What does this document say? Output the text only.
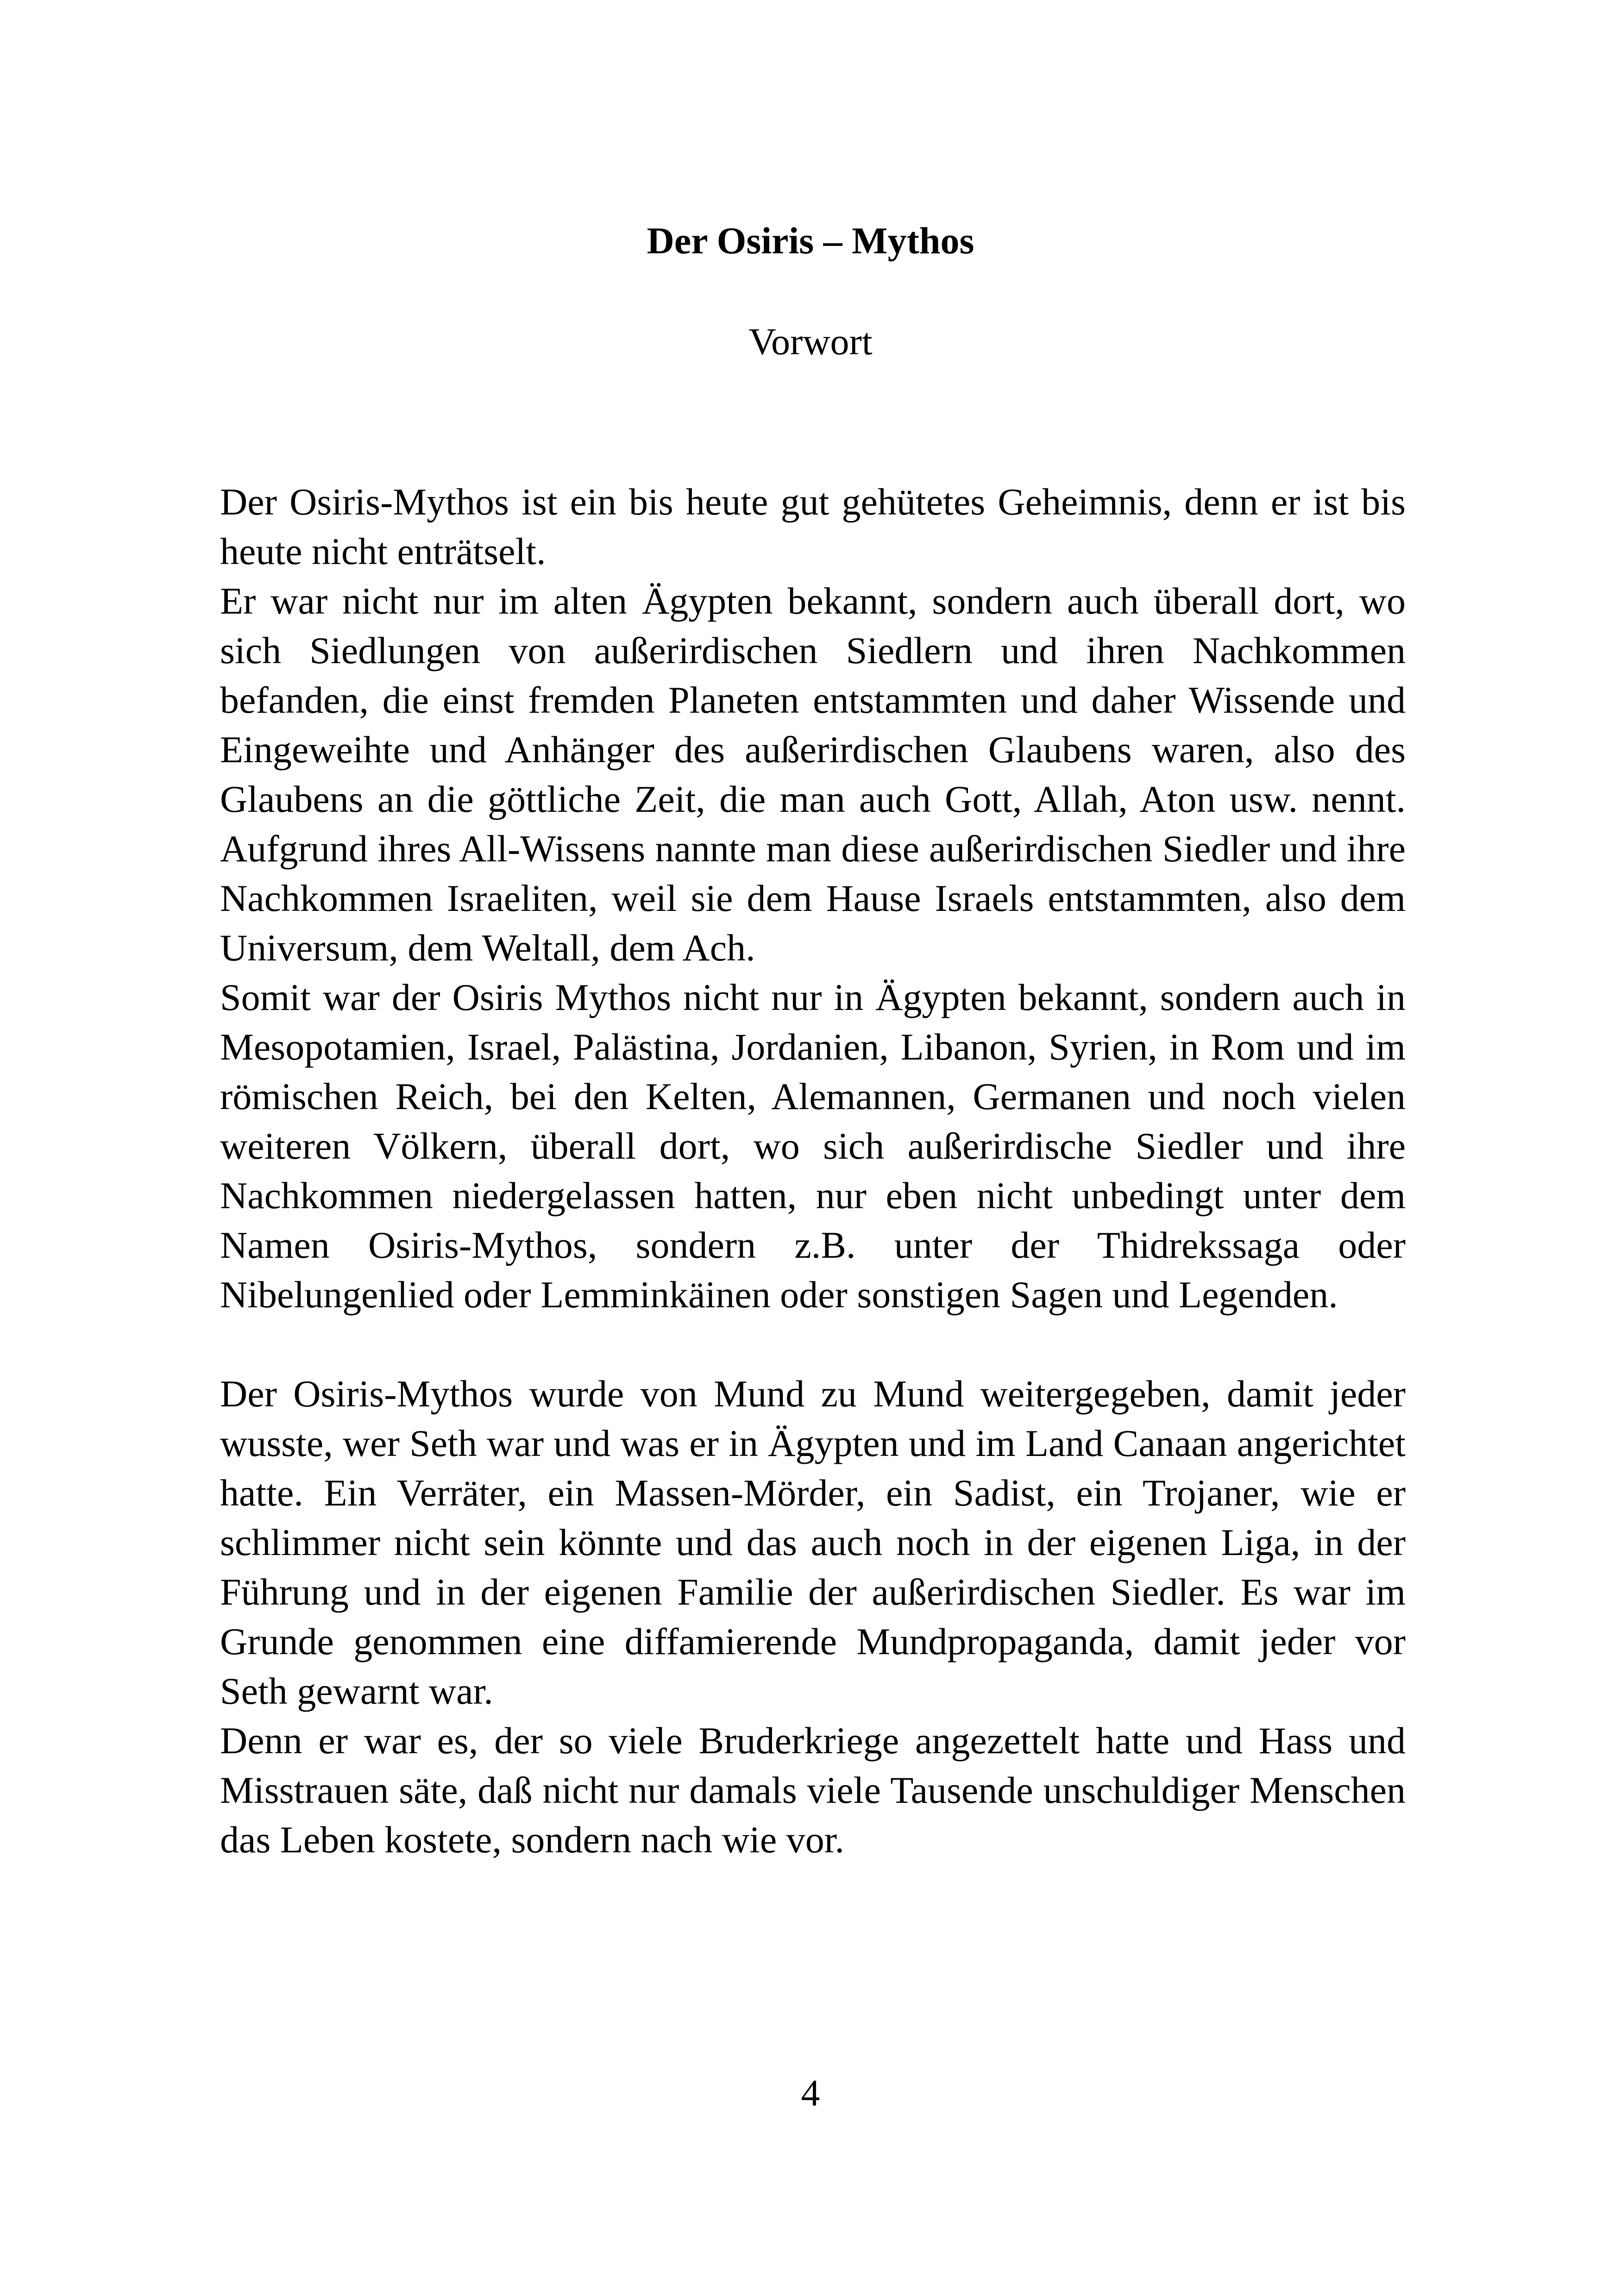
Der Osiris – Mythos
Vorwort

Der Osiris-Mythos ist ein bis heute gut gehütetes Geheimnis, denn er ist bis heute nicht enträtselt.

Er war nicht nur im alten Ägypten bekannt, sondern auch überall dort, wo sich Siedlungen von außerirdischen Siedlern und ihren Nachkommen befanden, die einst fremden Planeten entstammten und daher Wissende und Eingeweihte und Anhänger des außerirdischen Glaubens waren, also des Glaubens an die göttliche Zeit, die man auch Gott, Allah, Aton usw. nennt. Aufgrund ihres All-Wissens nannte man diese außerirdischen Siedler und ihre Nachkommen Israeliten, weil sie dem Hause Israels entstammten, also dem Universum, dem Weltall, dem Ach.

Somit war der Osiris Mythos nicht nur in Ägypten bekannt, sondern auch in Mesopotamien, Israel, Palästina, Jordanien, Libanon, Syrien, in Rom und im römischen Reich, bei den Kelten, Alemannen, Germanen und noch vielen weiteren Völkern, überall dort, wo sich außerirdische Siedler und ihre Nachkommen niedergelassen hatten, nur eben nicht unbedingt unter dem Namen Osiris-Mythos, sondern z.B. unter der Thidrekssaga oder Nibelungenlied oder Lemminkäinen oder sonstigen Sagen und Legenden.

Der Osiris-Mythos wurde von Mund zu Mund weitergegeben, damit jeder wusste, wer Seth war und was er in Ägypten und im Land Canaan angerichtet hatte. Ein Verräter, ein Massen-Mörder, ein Sadist, ein Trojaner, wie er schlimmer nicht sein könnte und das auch noch in der eigenen Liga, in der Führung und in der eigenen Familie der außerirdischen Siedler. Es war im Grunde genommen eine diffamierende Mundpropaganda, damit jeder vor Seth gewarnt war.

Denn er war es, der so viele Bruderkriege angezettelt hatte und Hass und Misstrauen säte, daß nicht nur damals viele Tausende unschuldiger Menschen das Leben kostete, sondern nach wie vor.

4
